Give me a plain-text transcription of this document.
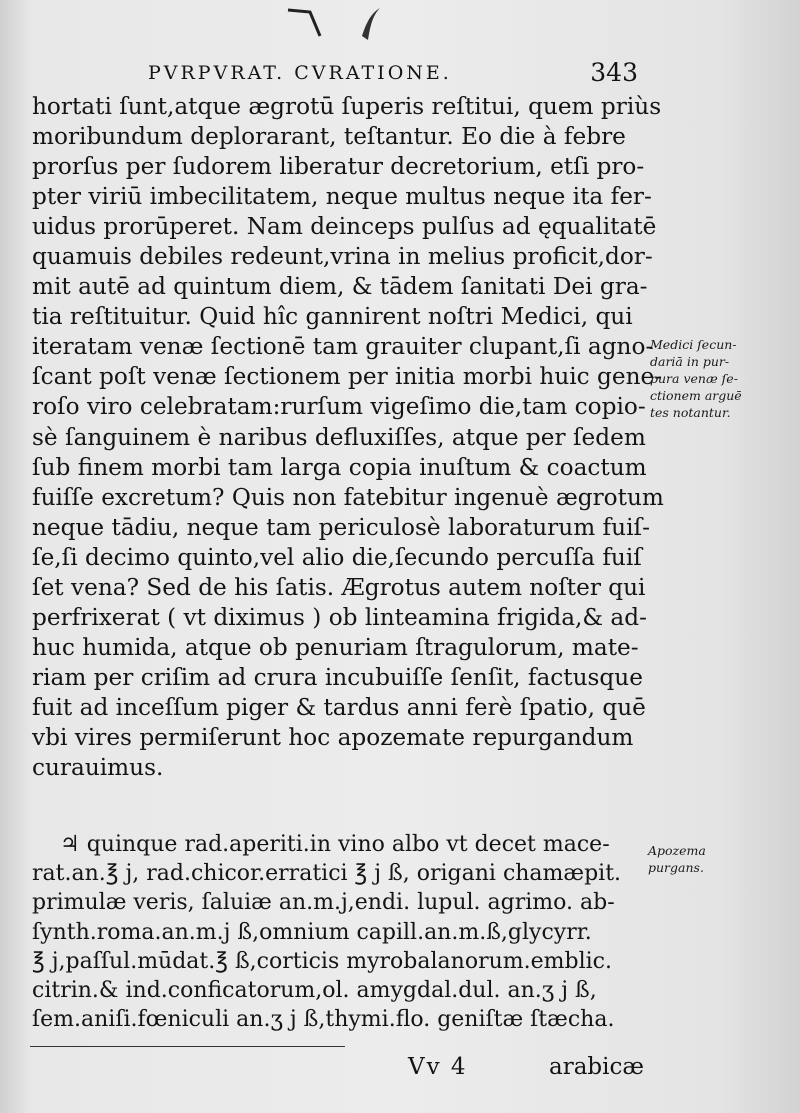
PVRPVRAT. CVRATIONE.	343
hortati ſunt,atque ægrotū ſuperis reſtitui, quem priùs
moribundum deplorarant, teſtantur. Eo die à febre
prorſus per ſudorem liberatur decretorium, etſi pro-
pter viriū imbecilitatem, neque multus neque ita fer-
uidus prorūperet. Nam deinceps pulſus ad ęqualitatē
quamuis debiles redeunt,vrina in melius proficit,dor-
mit autē ad quintum diem, & tādem ſanitati Dei gra-
tia reſtituitur. Quid hîc gannirent noſtri Medici, qui
iteratam venæ ſectionē tam grauiter clupant,ſi agno-
ſcant poſt venæ ſectionem per initia morbi huic gene-
roſo viro celebratam:rurſum vigeſimo die,tam copio-
sè ſanguinem è naribus defluxiſſes, atque per ſedem
ſub finem morbi tam larga copia inuſtum & coactum
fuiſſe excretum? Quis non fatebitur ingenuè ægrotum
neque tādiu, neque tam periculosè laboraturum fuiſ-
ſe,ſi decimo quinto,vel alio die,ſecundo percuſſa fuiſ
ſet vena? Sed de his ſatis. Ægrotus autem noſter qui
perfrixerat ( vt diximus ) ob linteamina frigida,& ad-
huc humida, atque ob penuriam ſtragulorum, mate-
riam per criſim ad crura incubuiſſe ſenſit, factusque
fuit ad inceſſum piger & tardus anni ferè ſpatio, quē
vbi vires permiſerunt hoc apozemate repurgandum
curauimus.
♃ quinque rad.aperiti.in vino albo vt decet mace-
rat.an.℥ j, rad.chicor.erratici ℥ j ß, origani chamæpit.
primulæ veris, ſaluiæ an.m.j,endi. lupul. agrimo. ab-
ſynth.roma.an.m.j ß,omnium capill.an.m.ß,glycyrr.
℥ j,paſſul.mūdat.℥ ß,corticis myrobalanorum.emblic.
citrin.& ind.conficatorum,ol. amygdal.dul. an.ʒ j ß,
ſem.aniſi.fœniculi an.ʒ j ß,thymi.flo. geniſtæ ſtæcha.
Medici ſecun-
dariā in pur-
pura venæ ſe-
ctionem arguē
tes notantur.
Apozema
purgans.
Vv 4	arabicæ
